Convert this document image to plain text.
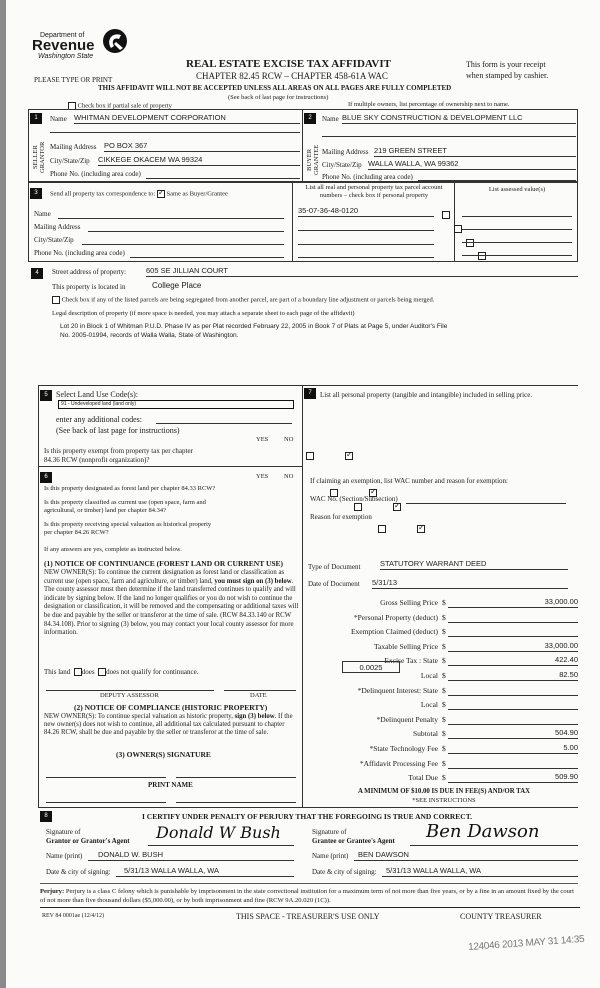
Department of
Revenue
Washington State
REAL ESTATE EXCISE TAX AFFIDAVIT
CHAPTER 82.45 RCW – CHAPTER 458-61A WAC
This form is your receipt
when stamped by cashier.
PLEASE TYPE OR PRINT
THIS AFFIDAVIT WILL NOT BE ACCEPTED UNLESS ALL AREAS ON ALL PAGES ARE FULLY COMPLETED
(See back of last page for instructions)
Check box if partial sale of property	If multiple owners, list percentage of ownership next to name.
1
SELLER GRANTOR
Name WHITMAN DEVELOPMENT CORPORATION
Mailing Address PO BOX 367
City/State/Zip CIKKEGE OKACEM WA 99324
Phone No. (including area code)
2
BUYER GRANTEE
Name BLUE SKY CONSTRUCTION & DEVELOPMENT LLC
Mailing Address 219 GREEN STREET
City/State/Zip WALLA WALLA, WA 99362
Phone No. (including area code)
3	Send all property tax correspondence to: ✓ Same as Buyer/Grantee
Name
Mailing Address
City/State/Zip
Phone No. (including area code)
List all real and personal property tax parcel account numbers – check box if personal property
List assessed value(s)
35-07-36-48-0120

4	Street address of property:	605 SE JILLIAN COURT
This property is located in	College Place
Check box if any of the listed parcels are being segregated from another parcel, are part of a boundary line adjustment or parcels being merged.
Legal description of property (if more space is needed, you may attach a separate sheet to each page of the affidavit)
Lot 20 in Block 1 of Whitman P.U.D. Phase IV as per Plat recorded February 22, 2005 in Book 7 of Plats at Page 5, under Auditor's File
No. 2005-01994, records of Walla Walla, State of Washington.
5	Select Land Use Code(s):
91 - Undeveloped land (land only)
enter any additional codes:
(See back of last page for instructions)
YES NO
Is this property exempt from property tax per chapter
84.36 RCW (nonprofit organization)?
✓
6	YES NO
Is this property designated as forest land per chapter 84.33 RCW?
✓
Is this property classified as current use (open space, farm and
agricultural, or timber) land per chapter 84.34?
✓
Is this property receiving special valuation as historical property
per chapter 84.26 RCW?
✓
If any answers are yes, complete as instructed below.
(1) NOTICE OF CONTINUANCE (FOREST LAND OR CURRENT USE)
NEW OWNER(S): To continue the current designation as forest land or classification as current use (open space, farm and agriculture, or timber) land, you must sign on (3) below. The county assessor must then determine if the land transferred continues to qualify and will indicate by signing below. If the land no longer qualifies or you do not wish to continue the designation or classification, it will be removed and the compensating or additional taxes will be due and payable by the seller or transferor at the time of sale. (RCW 84.33.140 or RCW 84.34.108). Prior to signing (3) below, you may contact your local county assessor for more information.
This land does does not qualify for continuance.
DEPUTY ASSESSOR	DATE
(2) NOTICE OF COMPLIANCE (HISTORIC PROPERTY)
NEW OWNER(S): To continue special valuation as historic property, sign (3) below. If the new owner(s) does not wish to continue, all additional tax calculated pursuant to chapter 84.26 RCW, shall be due and payable by the seller or transferor at the time of sale.
(3) OWNER(S) SIGNATURE
PRINT NAME
7	List all personal property (tangible and intangible) included in selling price.
If claiming an exemption, list WAC number and reason for exemption:
WAC No. (Section/Subsection)
Reason for exemption
Type of Document	STATUTORY WARRANT DEED
Date of Document 5/31/13
Gross Selling Price $	33,000.00
*Personal Property (deduct) $
Exemption Claimed (deduct) $
Taxable Selling Price $	33,000.00
Excise Tax : State $	422.40
Local $	82.50
*Delinquent Interest: State $
Local $
*Delinquent Penalty $
Subtotal $	504.90
*State Technology Fee $	5.00
*Affidavit Processing Fee $
Total Due $	509.90
0.0025
A MINIMUM OF $10.00 IS DUE IN FEE(S) AND/OR TAX
*SEE INSTRUCTIONS
8	I CERTIFY UNDER PENALTY OF PERJURY THAT THE FOREGOING IS TRUE AND CORRECT.
Signature of
Grantor or Grantor's Agent Donald W Bush
Name (print)	DONALD W. BUSH
Date & city of signing:	5/31/13 WALLA WALLA, WA
Signature of
Grantee or Grantee's Agent Ben Dawson
Name (print)	BEN DAWSON
Date & city of signing:	5/31/13 WALLA WALLA, WA
Perjury: Perjury is a class C felony which is punishable by imprisonment in the state correctional institution for a maximum term of not more than five years, or by a fine in an amount fixed by the court of not more than five thousand dollars ($5,000.00), or by both imprisonment and fine (RCW 9A.20.020 (1C)).
REV 84 0001ae (12/4/12)	THIS SPACE - TREASURER'S USE ONLY	COUNTY TREASURER
124046 2013 MAY 31 14:35
